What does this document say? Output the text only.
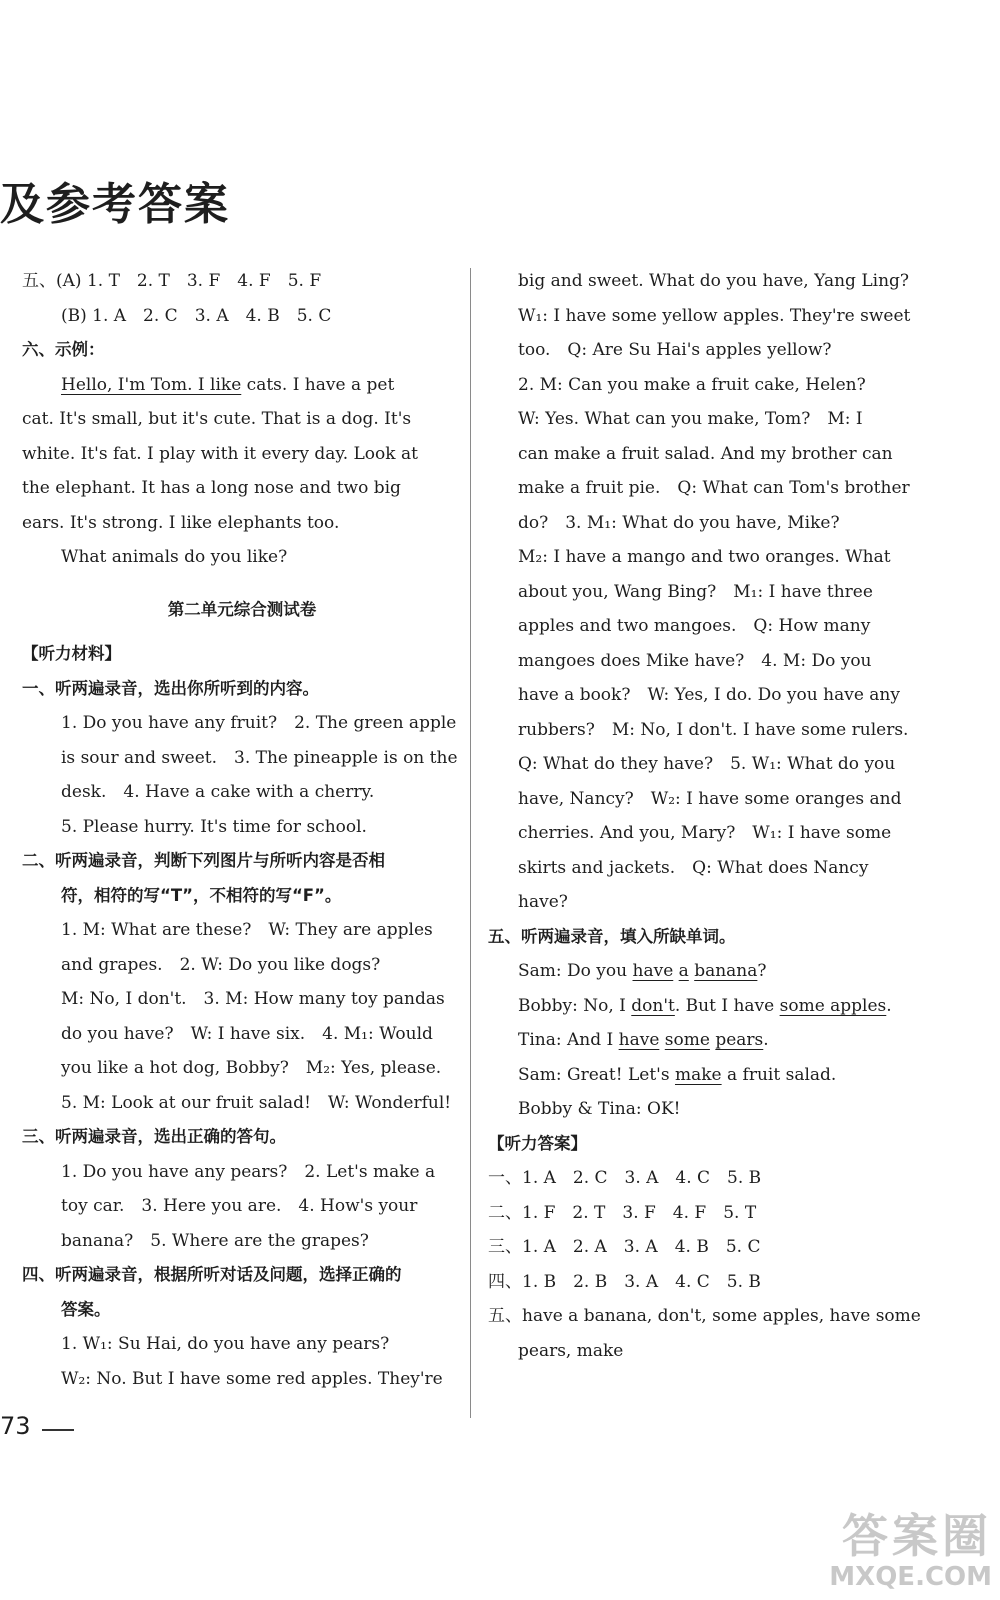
及参考答案
五、(A) 1. T　2. T　3. F　4. F　5. F
(B) 1. A　2. C　3. A　4. B　5. C
六、示例：
Hello, I'm Tom. I like cats. I have a pet
cat. It's small, but it's cute. That is a dog. It's
white. It's fat. I play with it every day. Look at
the elephant. It has a long nose and two big
ears. It's strong. I like elephants too.
What animals do you like?
第二单元综合测试卷
【听力材料】
一、听两遍录音，选出你所听到的内容。
1. Do you have any fruit?　2. The green apple
is sour and sweet.　3. The pineapple is on the
desk.　4. Have a cake with a cherry.
5. Please hurry. It's time for school.
二、听两遍录音，判断下列图片与所听内容是否相
符，相符的写“T”，不相符的写“F”。
1. M: What are these?　W: They are apples
and grapes.　2. W: Do you like dogs?
M: No, I don't.　3. M: How many toy pandas
do you have?　W: I have six.　4. M₁: Would
you like a hot dog, Bobby?　M₂: Yes, please.
5. M: Look at our fruit salad!　W: Wonderful!
三、听两遍录音，选出正确的答句。
1. Do you have any pears?　2. Let's make a
toy car.　3. Here you are.　4. How's your
banana?　5. Where are the grapes?
四、听两遍录音，根据所听对话及问题，选择正确的
答案。
1. W₁: Su Hai, do you have any pears?
W₂: No. But I have some red apples. They're
big and sweet. What do you have, Yang Ling?
W₁: I have some yellow apples. They're sweet
too.　Q: Are Su Hai's apples yellow?
2. M: Can you make a fruit cake, Helen?
W: Yes. What can you make, Tom?　M: I
can make a fruit salad. And my brother can
make a fruit pie.　Q: What can Tom's brother
do?　3. M₁: What do you have, Mike?
M₂: I have a mango and two oranges. What
about you, Wang Bing?　M₁: I have three
apples and two mangoes.　Q: How many
mangoes does Mike have?　4. M: Do you
have a book?　W: Yes, I do. Do you have any
rubbers?　M: No, I don't. I have some rulers.
Q: What do they have?　5. W₁: What do you
have, Nancy?　W₂: I have some oranges and
cherries. And you, Mary?　W₁: I have some
skirts and jackets.　Q: What does Nancy
have?
五、听两遍录音，填入所缺单词。
Sam: Do you have a banana?
Bobby: No, I don't. But I have some apples.
Tina: And I have some pears.
Sam: Great! Let's make a fruit salad.
Bobby & Tina: OK!
【听力答案】
一、1. A　2. C　3. A　4. C　5. B
二、1. F　2. T　3. F　4. F　5. T
三、1. A　2. A　3. A　4. B　5. C
四、1. B　2. B　3. A　4. C　5. B
五、have a banana, don't, some apples, have some
pears, make
73
答案圈
MXQE.COM
